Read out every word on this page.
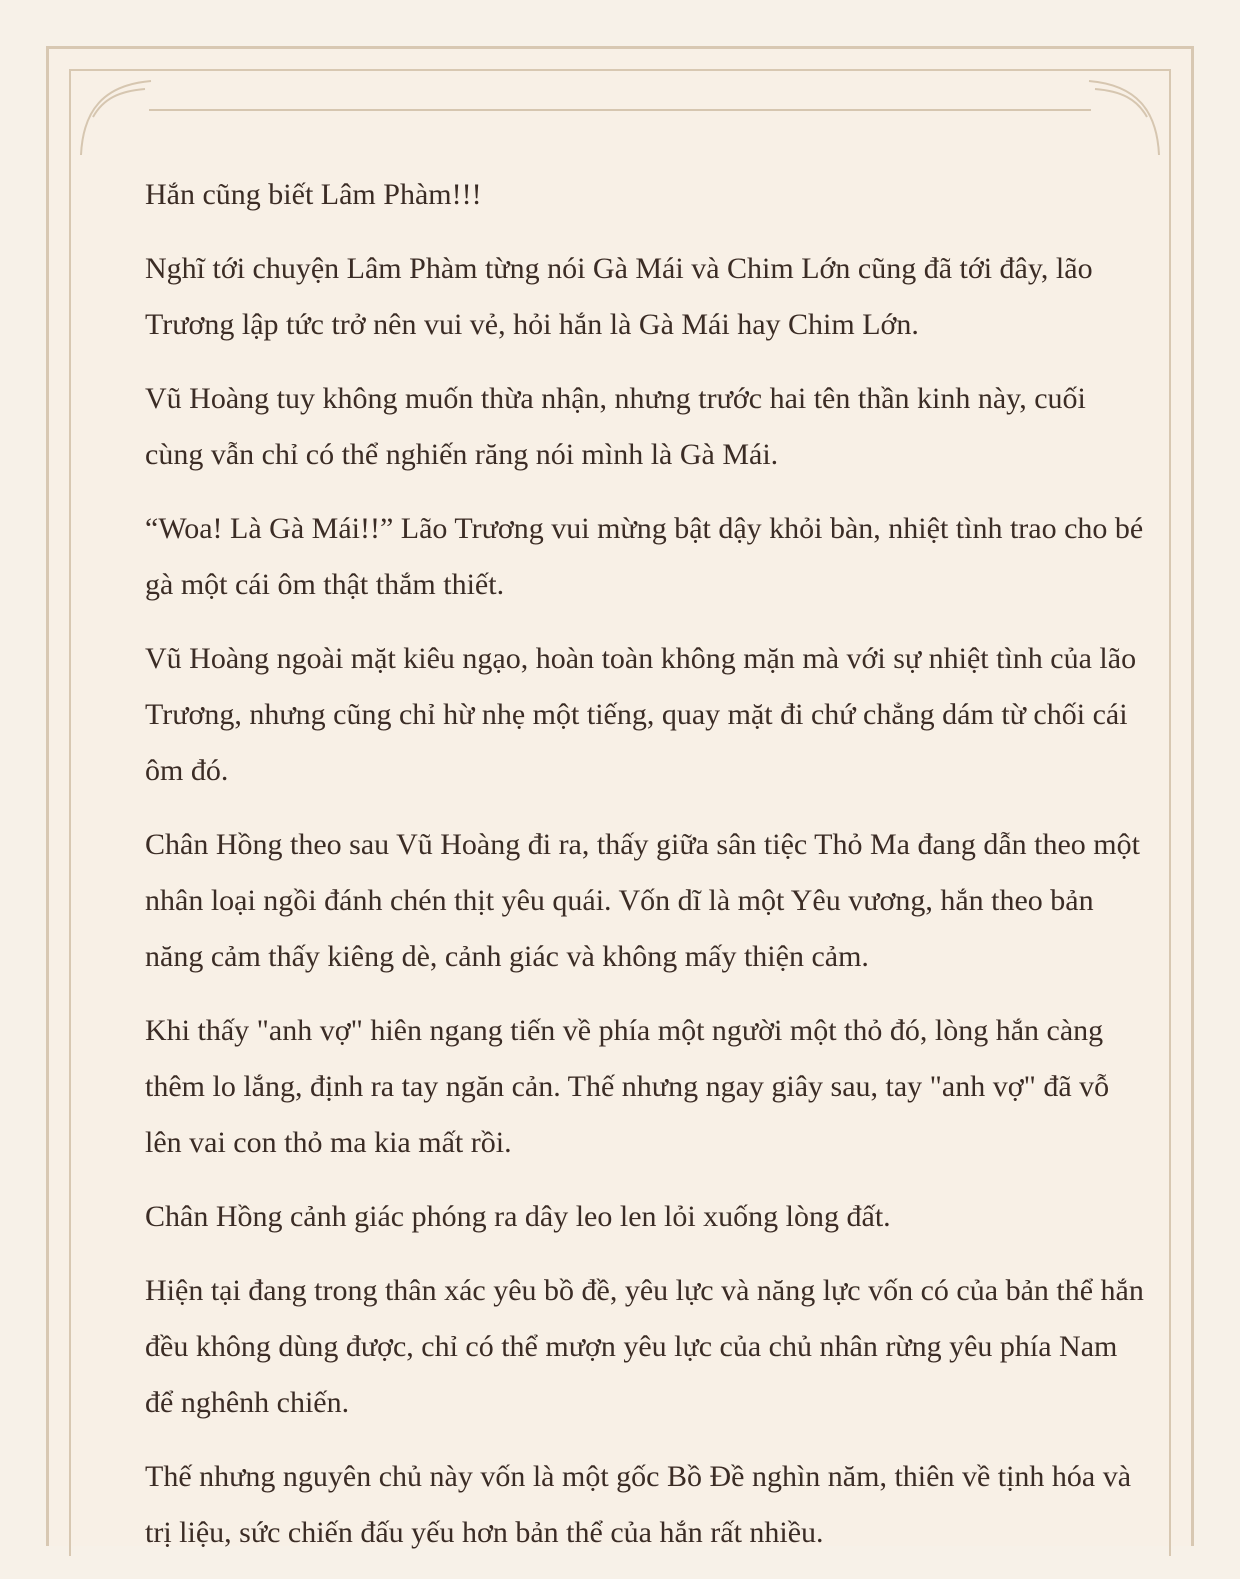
Hắn cũng biết Lâm Phàm!!!

Nghĩ tới chuyện Lâm Phàm từng nói Gà Mái và Chim Lớn cũng đã tới đây, lão Trương lập tức trở nên vui vẻ, hỏi hắn là Gà Mái hay Chim Lớn.

Vũ Hoàng tuy không muốn thừa nhận, nhưng trước hai tên thần kinh này, cuối cùng vẫn chỉ có thể nghiến răng nói mình là Gà Mái.

“Woa! Là Gà Mái!!” Lão Trương vui mừng bật dậy khỏi bàn, nhiệt tình trao cho bé gà một cái ôm thật thắm thiết.

Vũ Hoàng ngoài mặt kiêu ngạo, hoàn toàn không mặn mà với sự nhiệt tình của lão Trương, nhưng cũng chỉ hừ nhẹ một tiếng, quay mặt đi chứ chẳng dám từ chối cái ôm đó.

Chân Hồng theo sau Vũ Hoàng đi ra, thấy giữa sân tiệc Thỏ Ma đang dẫn theo một nhân loại ngồi đánh chén thịt yêu quái. Vốn dĩ là một Yêu vương, hắn theo bản năng cảm thấy kiêng dè, cảnh giác và không mấy thiện cảm.

Khi thấy "anh vợ" hiên ngang tiến về phía một người một thỏ đó, lòng hắn càng thêm lo lắng, định ra tay ngăn cản. Thế nhưng ngay giây sau, tay "anh vợ" đã vỗ lên vai con thỏ ma kia mất rồi.

Chân Hồng cảnh giác phóng ra dây leo len lỏi xuống lòng đất.

Hiện tại đang trong thân xác yêu bồ đề, yêu lực và năng lực vốn có của bản thể hắn đều không dùng được, chỉ có thể mượn yêu lực của chủ nhân rừng yêu phía Nam để nghênh chiến.

Thế nhưng nguyên chủ này vốn là một gốc Bồ Đề nghìn năm, thiên về tịnh hóa và trị liệu, sức chiến đấu yếu hơn bản thể của hắn rất nhiều.
